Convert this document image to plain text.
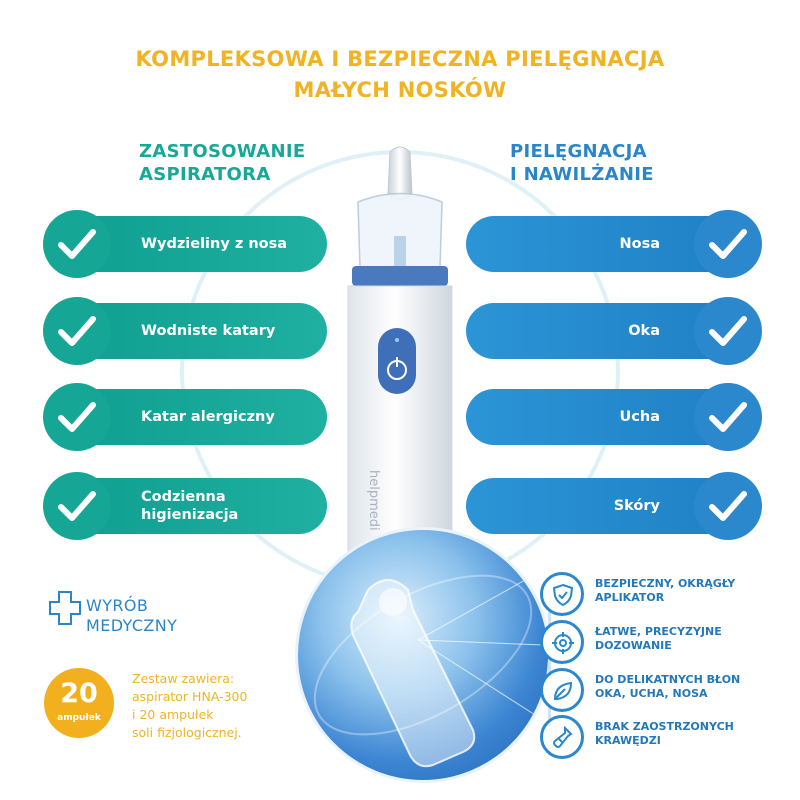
KOMPLEKSOWA I BEZPIECZNA PIELĘGNACJA
MAŁYCH NOSKÓW
ZASTOSOWANIE
ASPIRATORA
PIELĘGNACJA
I NAWILŻANIE
Wydzieliny z nosa
Wodniste katary
Katar alergiczny
Codzienna
higienizacja
Nosa
Oka
Ucha
Skóry
helpmedi
BEZPIECZNY, OKRĄGŁY
APLIKATOR
ŁATWE, PRECYZYJNE
DOZOWANIE
DO DELIKATNYCH BŁON
OKA, UCHA, NOSA
BRAK ZAOSTRZONYCH
KRAWĘDZI
WYRÓB
MEDYCZNY
20
ampułek
Zestaw zawiera:
aspirator HNA-300
i 20 ampułek
soli fizjologicznej.
